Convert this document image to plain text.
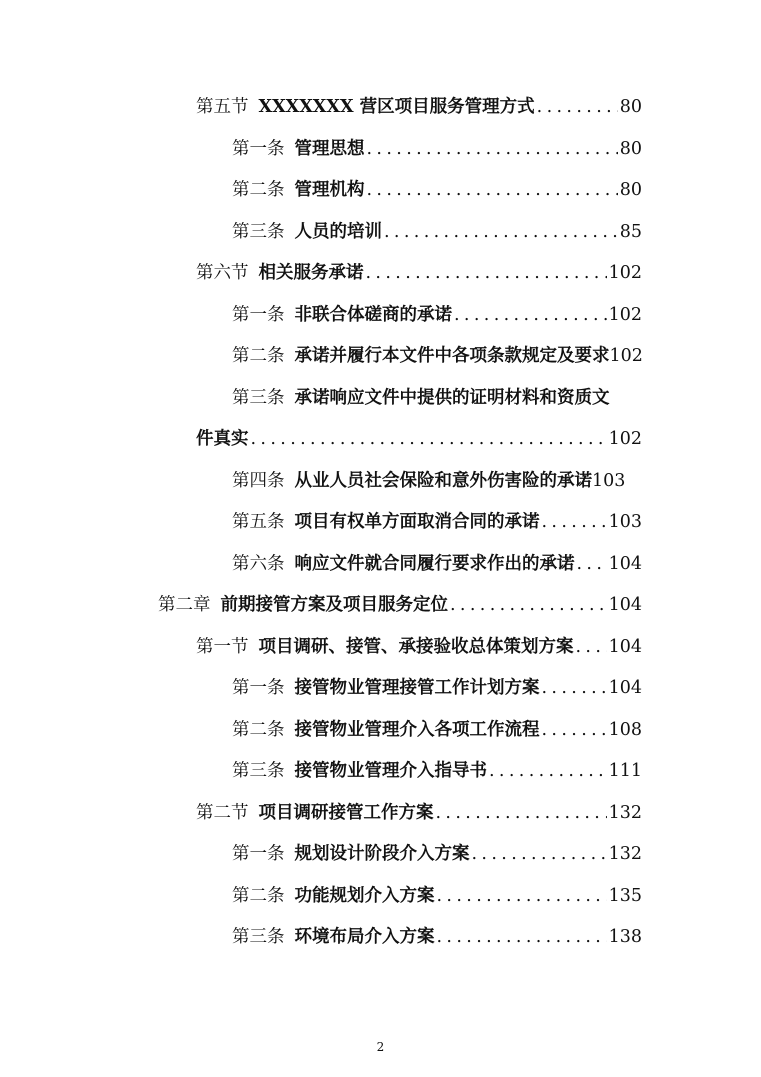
第五节 XXXXXXX 营区项目服务管理方式 . . .	80
第一条 管理思想 . . .	80
第二条 管理机构 . . .	80
第三条 人员的培训 . . .	85
第六节 相关服务承诺 . . .	102
第一条 非联合体磋商的承诺 . . .	102
第二条 承诺并履行本文件中各项条款规定及要求 102
第三条 承诺响应文件中提供的证明材料和资质文
件真实 . . .	102
第四条 从业人员社会保险和意外伤害险的承诺 103
第五条 项目有权单方面取消合同的承诺 . . .	103
第六条 响应文件就合同履行要求作出的承诺 . . . 104
第二章 前期接管方案及项目服务定位 . . .	104
第一节 项目调研、接管、承接验收总体策划方案 . . . 104
第一条 接管物业管理接管工作计划方案 . . .	104
第二条 接管物业管理介入各项工作流程 . . .	108
第三条 接管物业管理介入指导书 . . .	111
第二节 项目调研接管工作方案 . . .	132
第一条 规划设计阶段介入方案 . . .	132
第二条 功能规划介入方案 . . .	135
第三条 环境布局介入方案 . . .	138
2
